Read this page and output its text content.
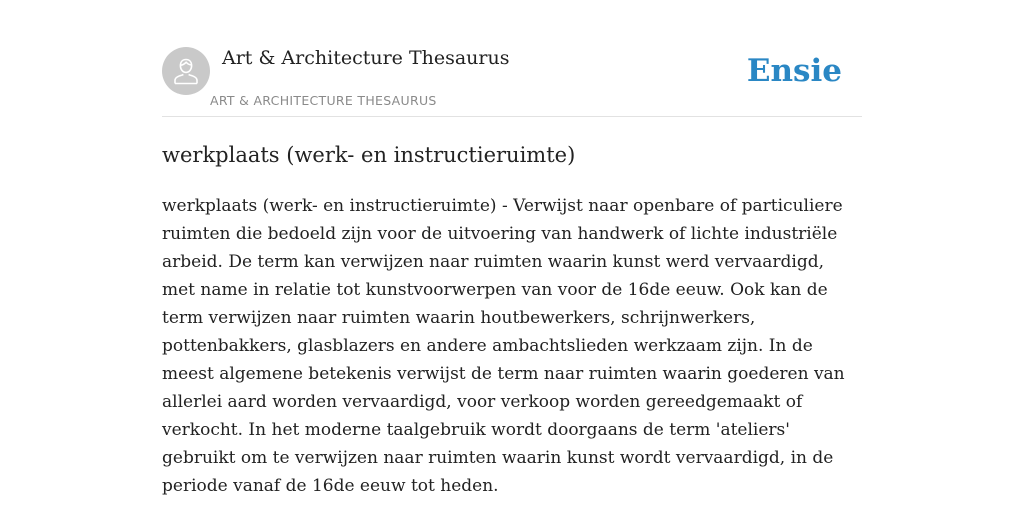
Art & Architecture Thesaurus
ART & ARCHITECTURE THESAURUS
Ensie
werkplaats (werk- en instructieruimte)

werkplaats (werk- en instructieruimte) - Verwijst naar openbare of particuliere ruimten die bedoeld zijn voor de uitvoering van handwerk of lichte industriële arbeid. De term kan verwijzen naar ruimten waarin kunst werd vervaardigd, met name in relatie tot kunstvoorwerpen van voor de 16de eeuw. Ook kan de term verwijzen naar ruimten waarin houtbewerkers, schrijnwerkers, pottenbakkers, glasblazers en andere ambachtslieden werkzaam zijn. In de meest algemene betekenis verwijst de term naar ruimten waarin goederen van allerlei aard worden vervaardigd, voor verkoop worden gereedgemaakt of verkocht. In het moderne taalgebruik wordt doorgaans de term 'ateliers' gebruikt om te verwijzen naar ruimten waarin kunst wordt vervaardigd, in de periode vanaf de 16de eeuw tot heden.
